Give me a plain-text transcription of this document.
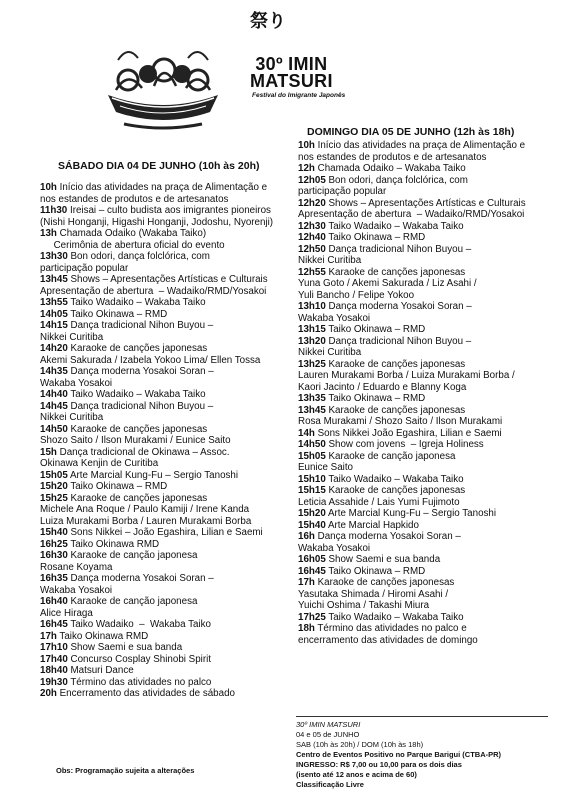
祭り
30º IMIN
MATSURI
Festival do Imigrante Japonês
DOMINGO DIA 05 DE JUNHO (12h às 18h)
SÁBADO DIA 04 DE JUNHO (10h às 20h)
10h Início das atividades na praça de Alimentação e
nos estandes de produtos e de artesanatos
11h30 Ireisai – culto budista aos imigrantes pioneiros
(Nishi Honganji, Higashi Honganji, Jodoshu, Nyorenji)
13h Chamada Odaiko (Wakaba Taiko)
Cerimônia de abertura oficial do evento
13h30 Bon odori, dança folclórica, com
participação popular
13h45 Shows – Apresentações Artísticas e Culturais
Apresentação de abertura  – Wadaiko/RMD/Yosakoi
13h55 Taiko Wadaiko – Wakaba Taiko
14h05 Taiko Okinawa – RMD
14h15 Dança tradicional Nihon Buyou –
Nikkei Curitiba
14h20 Karaoke de canções japonesas
Akemi Sakurada / Izabela Yokoo Lima/ Ellen Tossa
14h35 Dança moderna Yosakoi Soran –
Wakaba Yosakoi
14h40 Taiko Wadaiko – Wakaba Taiko
14h45 Dança tradicional Nihon Buyou –
Nikkei Curitiba
14h50 Karaoke de canções japonesas
Shozo Saito / Ilson Murakami / Eunice Saito
15h Dança tradicional de Okinawa – Assoc.
Okinawa Kenjin de Curitiba
15h05 Arte Marcial Kung-Fu – Sergio Tanoshi
15h20 Taiko Okinawa – RMD
15h25 Karaoke de canções japonesas
Michele Ana Roque / Paulo Kamiji / Irene Kanda
Luiza Murakami Borba / Lauren Murakami Borba
15h40 Sons Nikkei – João Egashira, Lilian e Saemi
16h25 Taiko Okinawa RMD
16h30 Karaoke de canção japonesa
Rosane Koyama
16h35 Dança moderna Yosakoi Soran –
Wakaba Yosakoi
16h40 Karaoke de canção japonesa
Alice Hiraga
16h45 Taiko Wadaiko  –  Wakaba Taiko
17h Taiko Okinawa RMD
17h10 Show Saemi e sua banda
17h40 Concurso Cosplay Shinobi Spirit
18h40 Matsuri Dance
19h30 Término das atividades no palco
20h Encerramento das atividades de sábado
10h Início das atividades na praça de Alimentação e
nos estandes de produtos e de artesanatos
12h Chamada Odaiko – Wakaba Taiko
12h05 Bon odori, dança folclórica, com
participação popular
12h20 Shows – Apresentações Artísticas e Culturais
Apresentação de abertura  – Wadaiko/RMD/Yosakoi
12h30 Taiko Wadaiko – Wakaba Taiko
12h40 Taiko Okinawa – RMD
12h50 Dança tradicional Nihon Buyou –
Nikkei Curitiba
12h55 Karaoke de canções japonesas
Yuna Goto / Akemi Sakurada / Liz Asahi /
Yuli Bancho / Felipe Yokoo
13h10 Dança moderna Yosakoi Soran –
Wakaba Yosakoi
13h15 Taiko Okinawa – RMD
13h20 Dança tradicional Nihon Buyou –
Nikkei Curitiba
13h25 Karaoke de canções japonesas
Lauren Murakami Borba / Luiza Murakami Borba /
Kaori Jacinto / Eduardo e Blanny Koga
13h35 Taiko Okinawa – RMD
13h45 Karaoke de canções japonesas
Rosa Murakami / Shozo Saito / Ilson Murakami
14h Sons Nikkei João Egashira, Lilian e Saemi
14h50 Show com jovens  – Igreja Holiness
15h05 Karaoke de canção japonesa
Eunice Saito
15h10 Taiko Wadaiko – Wakaba Taiko
15h15 Karaoke de canções japonesas
Leticia Assahide / Lais Yumi Fujimoto
15h20 Arte Marcial Kung-Fu – Sergio Tanoshi
15h40 Arte Marcial Hapkido
16h Dança moderna Yosakoi Soran –
Wakaba Yosakoi
16h05 Show Saemi e sua banda
16h45 Taiko Okinawa – RMD
17h Karaoke de canções japonesas
Yasutaka Shimada / Hiromi Asahi /
Yuichi Oshima / Takashi Miura
17h25 Taiko Wadaiko – Wakaba Taiko
18h Término das atividades no palco e
encerramento das atividades de domingo
30º IMIN MATSURI
04 e 05 de JUNHO
SAB (10h às 20h) / DOM (10h às 18h)
Centro de Eventos Positivo no Parque Barigui (CTBA-PR)
INGRESSO: R$ 7,00 ou 10,00 para os dois dias
(isento até 12 anos e acima de 60)
Classificação Livre
Obs: Programação sujeita a alterações
